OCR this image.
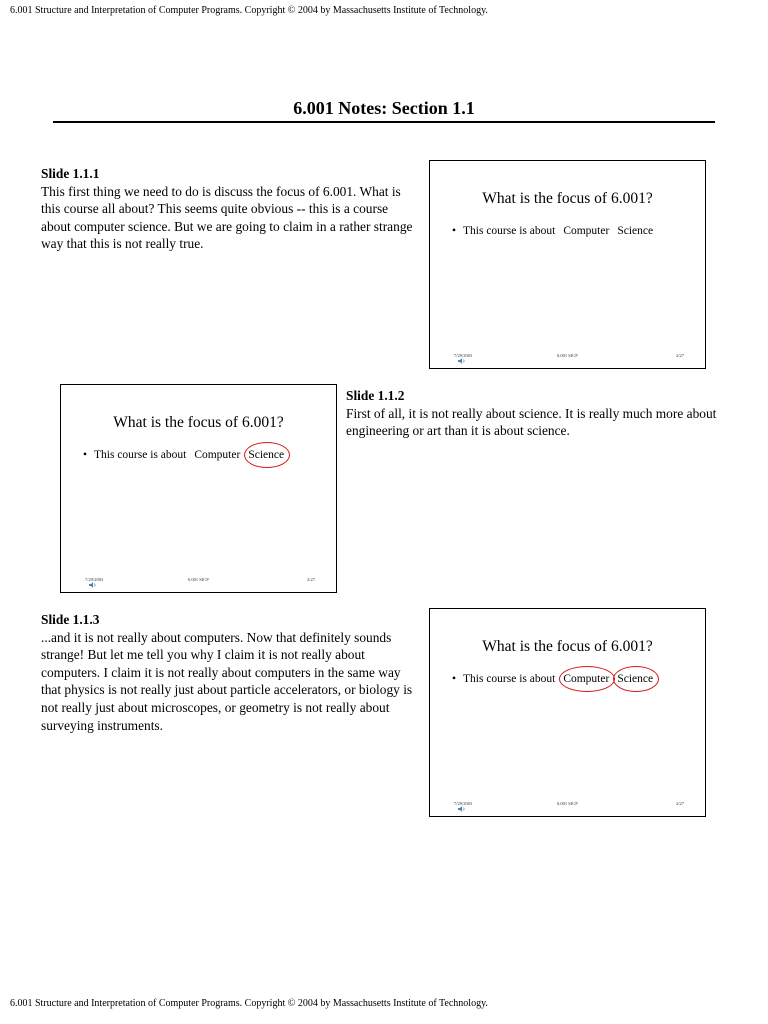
6.001 Structure and Interpretation of Computer Programs. Copyright © 2004 by Massachusetts Institute of Technology.
6.001 Notes: Section 1.1
Slide 1.1.1
This first thing we need to do is discuss the focus of 6.001. What is this course all about? This seems quite obvious -- this is a course about computer science. But we are going to claim in a rather strange way that this is not really true.
What is the focus of 6.001?
• This course is about Computer Science
7/29/2003	6.001 SICP	2/27
What is the focus of 6.001?
• This course is about Computer Science
7/29/2003	6.001 SICP	2/27
Slide 1.1.2
First of all, it is not really about science. It is really much more about engineering or art than it is about science.
Slide 1.1.3
...and it is not really about computers. Now that definitely sounds strange! But let me tell you why I claim it is not really about computers. I claim it is not really about computers in the same way that physics is not really just about particle accelerators, or biology is not really just about microscopes, or geometry is not really about surveying instruments.
What is the focus of 6.001?
• This course is about Computer Science
7/29/2003	6.001 SICP	2/27
6.001 Structure and Interpretation of Computer Programs. Copyright © 2004 by Massachusetts Institute of Technology.
